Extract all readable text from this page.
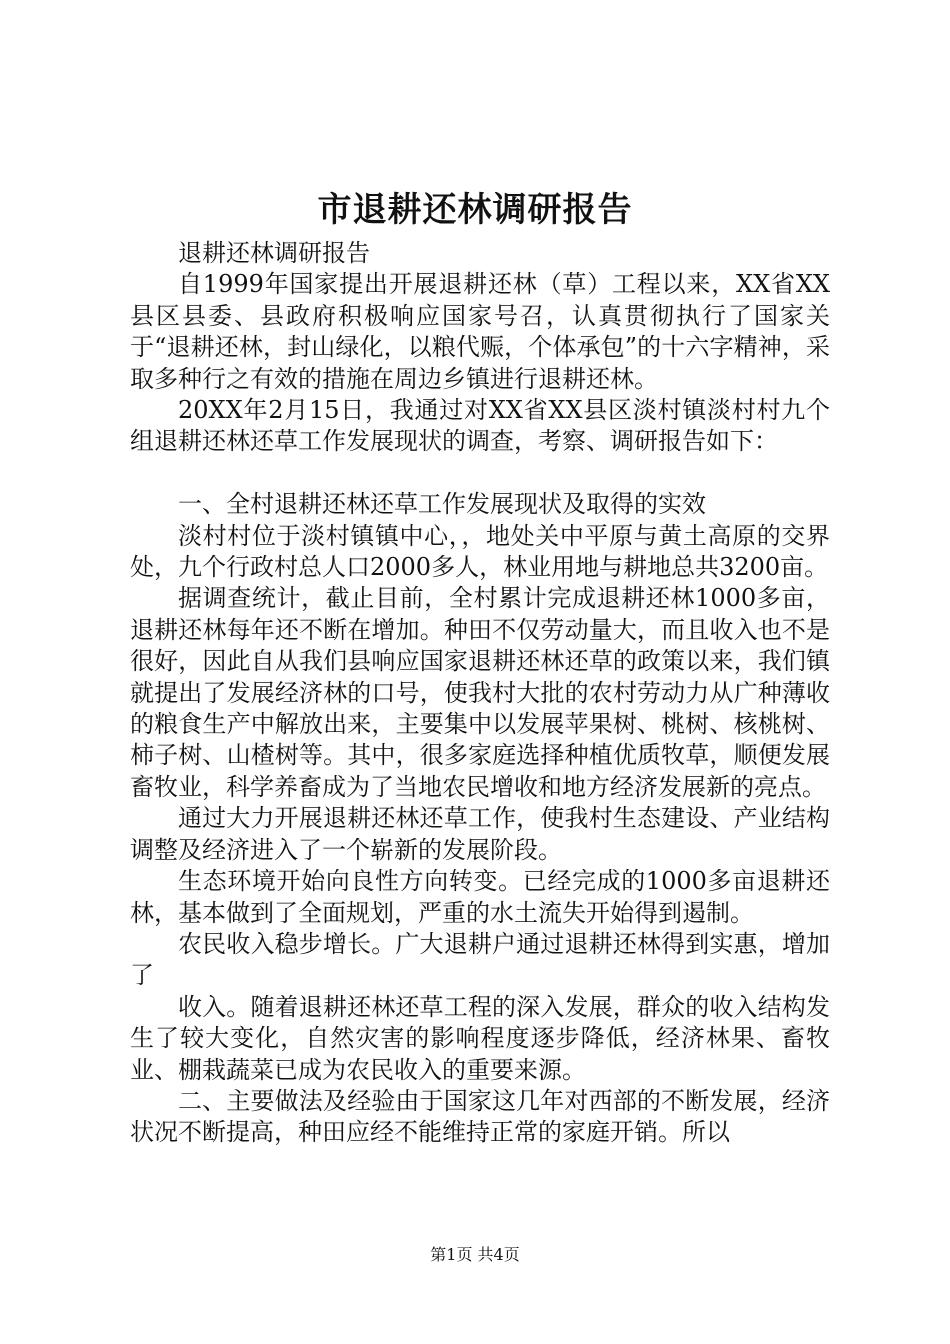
市退耕还林调研报告

退耕还林调研报告

自1999年国家提出开展退耕还林（草）工程以来，XX省XX县区县委、县政府积极响应国家号召，认真贯彻执行了国家关于“退耕还林，封山绿化，以粮代赈，个体承包”的十六字精神，采取多种行之有效的措施在周边乡镇进行退耕还林。

20XX年2月15日，我通过对XX省XX县区淡村镇淡村村九个组退耕还林还草工作发展现状的调查，考察、调研报告如下：

一、全村退耕还林还草工作发展现状及取得的实效

淡村村位于淡村镇镇中心，，地处关中平原与黄土高原的交界处，九个行政村总人口2000多人，林业用地与耕地总共3200亩。

据调查统计，截止目前，全村累计完成退耕还林1000多亩，退耕还林每年还不断在增加。种田不仅劳动量大，而且收入也不是很好，因此自从我们县响应国家退耕还林还草的政策以来，我们镇就提出了发展经济林的口号，使我村大批的农村劳动力从广种薄收的粮食生产中解放出来，主要集中以发展苹果树、桃树、核桃树、柿子树、山楂树等。其中，很多家庭选择种植优质牧草，顺便发展畜牧业，科学养畜成为了当地农民增收和地方经济发展新的亮点。

通过大力开展退耕还林还草工作，使我村生态建设、产业结构调整及经济进入了一个崭新的发展阶段。

生态环境开始向良性方向转变。已经完成的1000多亩退耕还林，基本做到了全面规划，严重的水土流失开始得到遏制。

农民收入稳步增长。广大退耕户通过退耕还林得到实惠，增加了

收入。随着退耕还林还草工程的深入发展，群众的收入结构发生了较大变化，自然灾害的影响程度逐步降低，经济林果、畜牧业、棚栽蔬菜已成为农民收入的重要来源。

二、主要做法及经验由于国家这几年对西部的不断发展，经济状况不断提高，种田应经不能维持正常的家庭开销。所以

第1页 共4页
